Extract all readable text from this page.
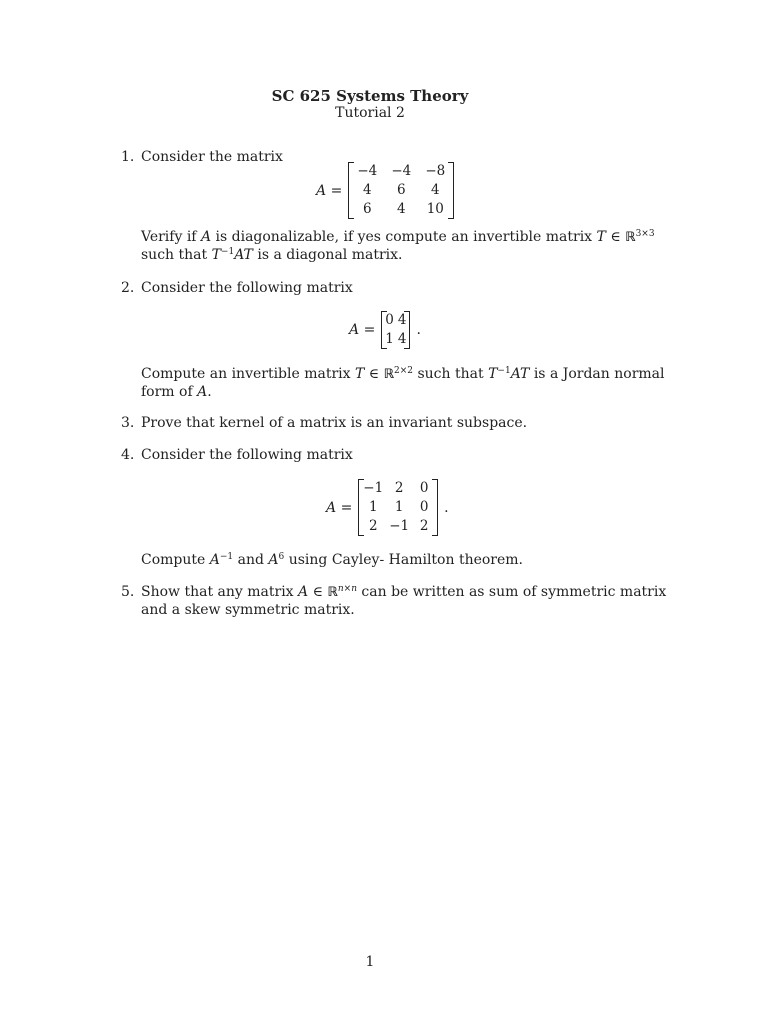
SC 625 Systems Theory
Tutorial 2
1. Consider the matrix
A =
−4	−4	−8
4	6	4
6	4	10
Verify if A is diagonalizable, if yes compute an invertible matrix T ∈ ℝ$^{3\times 3}$
such that $T^{-1}AT$ is a diagonal matrix.
2. Consider the following matrix
A =
0	4
1	4
.
Compute an invertible matrix T ∈ ℝ$^{2\times 2}$ such that $T^{-1}AT$ is a Jordan normal
form of A.
3. Prove that kernel of a matrix is an invariant subspace.
4. Consider the following matrix
A =
−1	2	0
1	1	0
2	−1	2
.
Compute $A^{-1}$ and $A^6$ using Cayley- Hamilton theorem.
5. Show that any matrix A ∈ ℝ$^{n\times n}$ can be written as sum of symmetric matrix
and a skew symmetric matrix.
1
